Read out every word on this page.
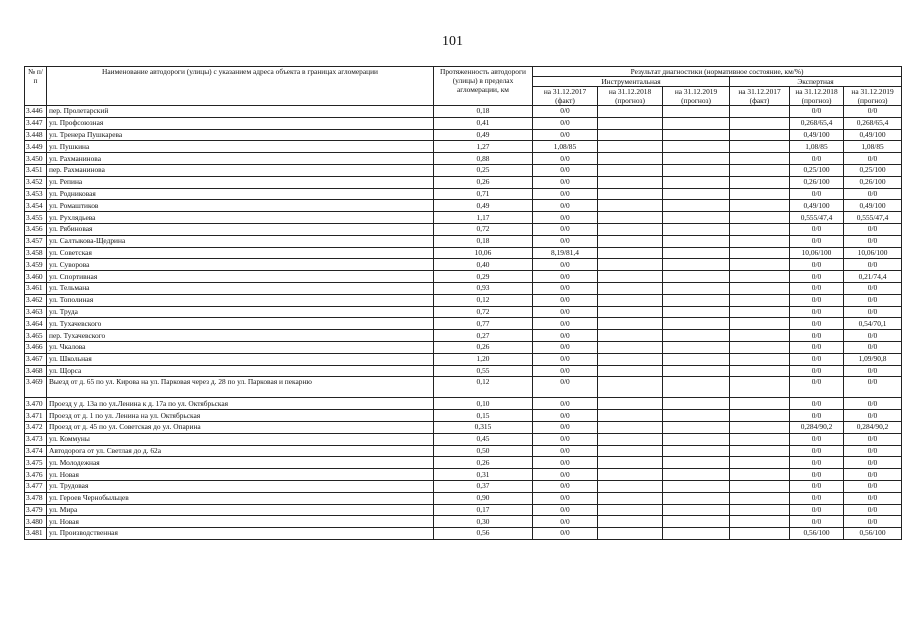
101
№ п/п	Наименование автодороги (улицы) с указанием адреса объекта в границах агломерации	Протяженность автодороги (улицы) в пределах агломерации, км	Результат диагностики (нормативное состояние, км/%)					
			Инструментальная			Экспертная		
			на 31.12.2017 (факт)	на 31.12.2018 (прогноз)	на 31.12.2019 (прогноз)	на 31.12.2017 (факт)	на 31.12.2018 (прогноз)	на 31.12.2019 (прогноз)
3.446	пер. Пролетарский	0,18	0/0				0/0	0/0
3.447	ул. Профсоюзная	0,41	0/0				0,268/65,4	0,268/65,4
3.448	ул. Тренера Пушкарева	0,49	0/0				0,49/100	0,49/100
3.449	ул. Пушкина	1,27	1,08/85				1,08/85	1,08/85
3.450	ул. Рахманинова	0,88	0/0				0/0	0/0
3.451	пер. Рахманинова	0,25	0/0				0,25/100	0,25/100
3.452	ул. Репина	0,26	0/0				0,26/100	0,26/100
3.453	ул. Родниковая	0,71	0/0				0/0	0/0
3.454	ул. Ромаштиков	0,49	0/0				0,49/100	0,49/100
3.455	ул. Рухлядьева	1,17	0/0				0,555/47,4	0,555/47,4
3.456	ул. Рябиновая	0,72	0/0				0/0	0/0
3.457	ул. Салтыкова-Щедрина	0,18	0/0				0/0	0/0
3.458	ул. Советская	10,06	8,19/81,4				10,06/100	10,06/100
3.459	ул. Суворова	0,40	0/0				0/0	0/0
3.460	ул. Спортивная	0,29	0/0				0/0	0,21/74,4
3.461	ул. Тельмана	0,93	0/0				0/0	0/0
3.462	ул. Тополиная	0,12	0/0				0/0	0/0
3.463	ул. Труда	0,72	0/0				0/0	0/0
3.464	ул. Тухачевского	0,77	0/0				0/0	0,54/70,1
3.465	пер. Тухачевского	0,27	0/0				0/0	0/0
3.466	ул. Чкалова	0,26	0/0				0/0	0/0
3.467	ул. Школьная	1,20	0/0				0/0	1,09/90,8
3.468	ул. Щорса	0,55	0/0				0/0	0/0
3.469	Выезд от д. 65 по ул. Кирова на ул. Парковая через д. 28 по ул. Парковая и пекарню	0,12	0/0				0/0	0/0
3.470	Проезд у д. 13а по ул.Ленина к д. 17а по ул. Октябрьская	0,10	0/0				0/0	0/0
3.471	Проезд от д. 1 по ул. Ленина на ул. Октябрьская	0,15	0/0				0/0	0/0
3.472	Проезд от д. 45 по ул. Советская до ул. Опарина	0,315	0/0				0,284/90,2	0,284/90,2
3.473	ул. Коммуны	0,45	0/0				0/0	0/0
3.474	Автодорога от ул. Светлая до д. 62а	0,50	0/0				0/0	0/0
3.475	ул. Молодежная	0,26	0/0				0/0	0/0
3.476	ул. Новая	0,31	0/0				0/0	0/0
3.477	ул. Трудовая	0,37	0/0				0/0	0/0
3.478	ул. Героев Чернобыльцев	0,90	0/0				0/0	0/0
3.479	ул. Мира	0,17	0/0				0/0	0/0
3.480	ул. Новая	0,30	0/0				0/0	0/0
3.481	ул. Производственная	0,56	0/0				0,56/100	0,56/100
